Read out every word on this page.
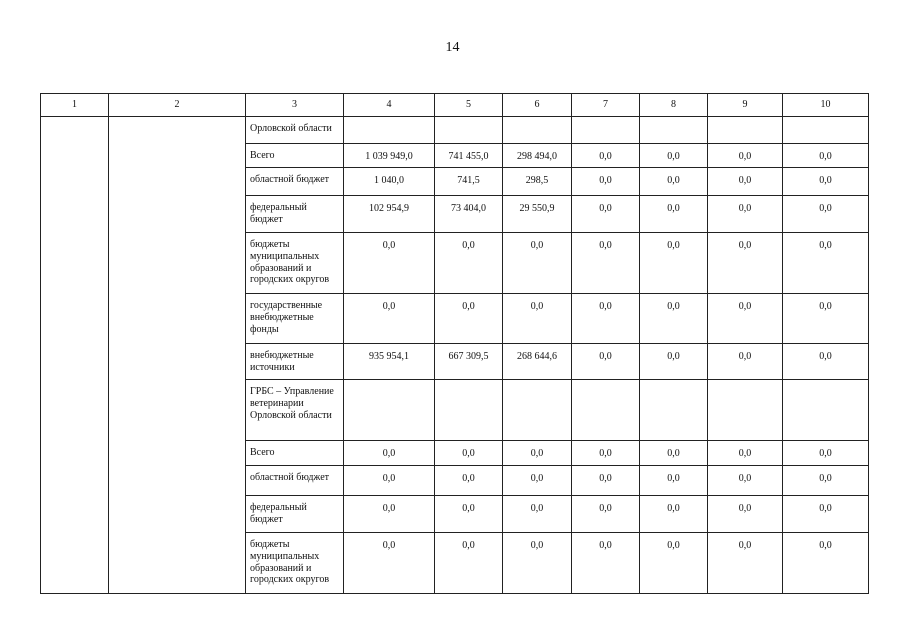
14
1	2	3	4	5	6	7	8	9	10
		Орловской области							
		Всего	1 039 949,0	741 455,0	298 494,0	0,0	0,0	0,0	0,0
		областной бюджет	1 040,0	741,5	298,5	0,0	0,0	0,0	0,0
		федеральный бюджет	102 954,9	73 404,0	29 550,9	0,0	0,0	0,0	0,0
		бюджеты муниципальных образований и городских округов	0,0	0,0	0,0	0,0	0,0	0,0	0,0
		государственные внебюджетные фонды	0,0	0,0	0,0	0,0	0,0	0,0	0,0
		внебюджетные источники	935 954,1	667 309,5	268 644,6	0,0	0,0	0,0	0,0
		ГРБС – Управление ветеринарии Орловской области							
		Всего	0,0	0,0	0,0	0,0	0,0	0,0	0,0
		областной бюджет	0,0	0,0	0,0	0,0	0,0	0,0	0,0
		федеральный бюджет	0,0	0,0	0,0	0,0	0,0	0,0	0,0
		бюджеты муниципальных образований и городских округов	0,0	0,0	0,0	0,0	0,0	0,0	0,0
